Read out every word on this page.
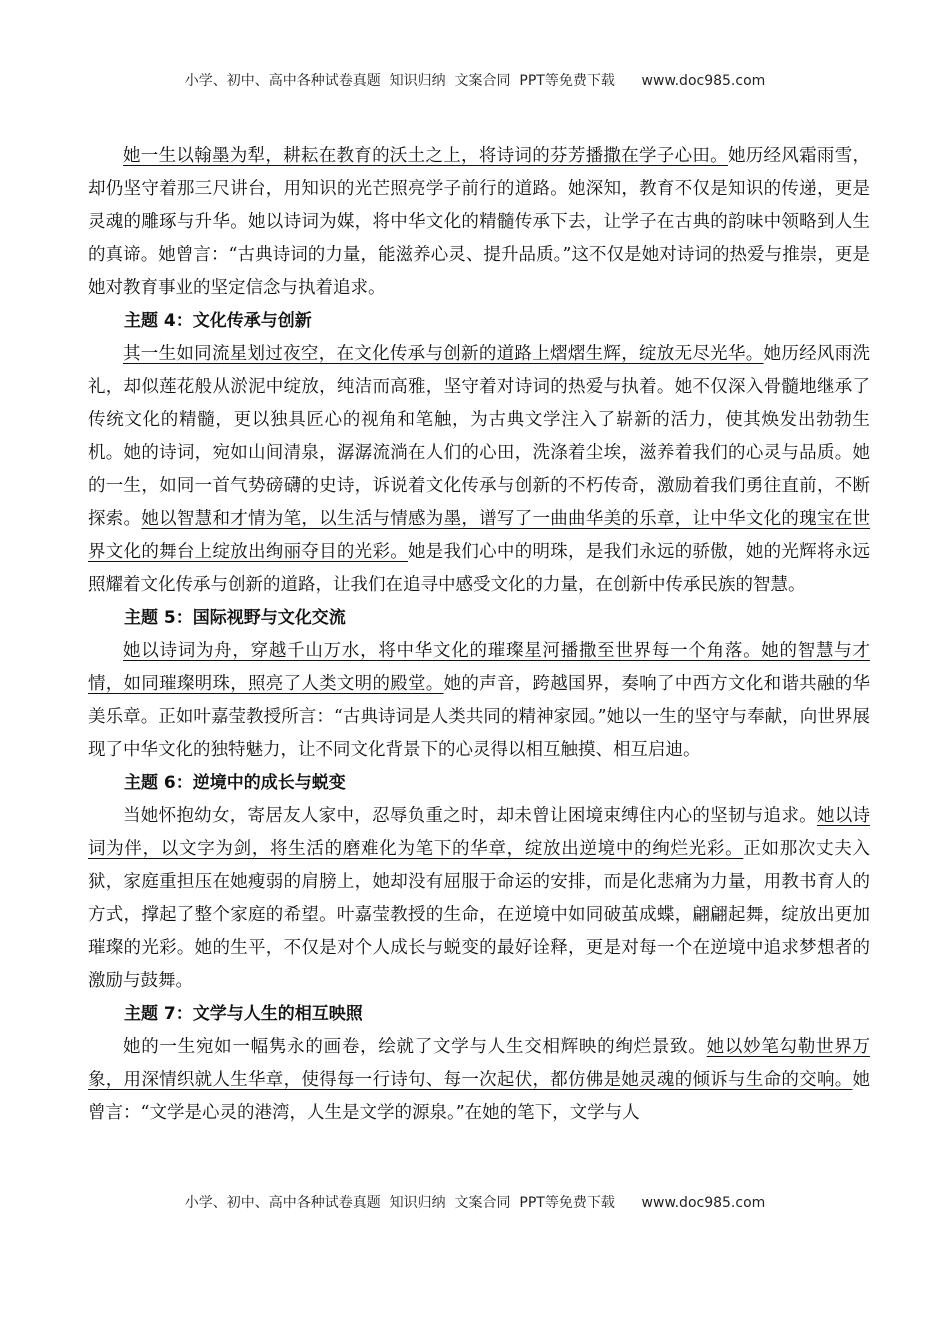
小学、初中、高中各种试卷真题  知识归纳  文案合同  PPT等免费下载      www.doc985.com

她一生以翰墨为犁，耕耘在教育的沃土之上，将诗词的芬芳播撒在学子心田。她历经风霜雨雪，却仍坚守着那三尺讲台，用知识的光芒照亮学子前行的道路。她深知，教育不仅是知识的传递，更是灵魂的雕琢与升华。她以诗词为媒，将中华文化的精髓传承下去，让学子在古典的韵味中领略到人生的真谛。她曾言：“古典诗词的力量，能滋养心灵、提升品质。”这不仅是她对诗词的热爱与推崇，更是她对教育事业的坚定信念与执着追求。

主题 4：文化传承与创新

其一生如同流星划过夜空，在文化传承与创新的道路上熠熠生辉，绽放无尽光华。她历经风雨洗礼，却似莲花般从淤泥中绽放，纯洁而高雅，坚守着对诗词的热爱与执着。她不仅深入骨髓地继承了传统文化的精髓，更以独具匠心的视角和笔触，为古典文学注入了崭新的活力，使其焕发出勃勃生机。她的诗词，宛如山间清泉，潺潺流淌在人们的心田，洗涤着尘埃，滋养着我们的心灵与品质。她的一生，如同一首气势磅礴的史诗，诉说着文化传承与创新的不朽传奇，激励着我们勇往直前，不断探索。她以智慧和才情为笔，以生活与情感为墨，谱写了一曲曲华美的乐章，让中华文化的瑰宝在世界文化的舞台上绽放出绚丽夺目的光彩。她是我们心中的明珠，是我们永远的骄傲，她的光辉将永远照耀着文化传承与创新的道路，让我们在追寻中感受文化的力量，在创新中传承民族的智慧。

主题 5：国际视野与文化交流

她以诗词为舟，穿越千山万水，将中华文化的璀璨星河播撒至世界每一个角落。她的智慧与才情，如同璀璨明珠，照亮了人类文明的殿堂。她的声音，跨越国界，奏响了中西方文化和谐共融的华美乐章。正如叶嘉莹教授所言：“古典诗词是人类共同的精神家园。”她以一生的坚守与奉献，向世界展现了中华文化的独特魅力，让不同文化背景下的心灵得以相互触摸、相互启迪。

主题 6：逆境中的成长与蜕变

当她怀抱幼女，寄居友人家中，忍辱负重之时，却未曾让困境束缚住内心的坚韧与追求。她以诗词为伴，以文字为剑，将生活的磨难化为笔下的华章，绽放出逆境中的绚烂光彩。正如那次丈夫入狱，家庭重担压在她瘦弱的肩膀上，她却没有屈服于命运的安排，而是化悲痛为力量，用教书育人的方式，撑起了整个家庭的希望。叶嘉莹教授的生命，在逆境中如同破茧成蝶，翩翩起舞，绽放出更加璀璨的光彩。她的生平，不仅是对个人成长与蜕变的最好诠释，更是对每一个在逆境中追求梦想者的激励与鼓舞。

主题 7：文学与人生的相互映照

她的一生宛如一幅隽永的画卷，绘就了文学与人生交相辉映的绚烂景致。她以妙笔勾勒世界万象，用深情织就人生华章，使得每一行诗句、每一次起伏，都仿佛是她灵魂的倾诉与生命的交响。她曾言：“文学是心灵的港湾，人生是文学的源泉。”在她的笔下，文学与人

小学、初中、高中各种试卷真题  知识归纳  文案合同  PPT等免费下载      www.doc985.com
